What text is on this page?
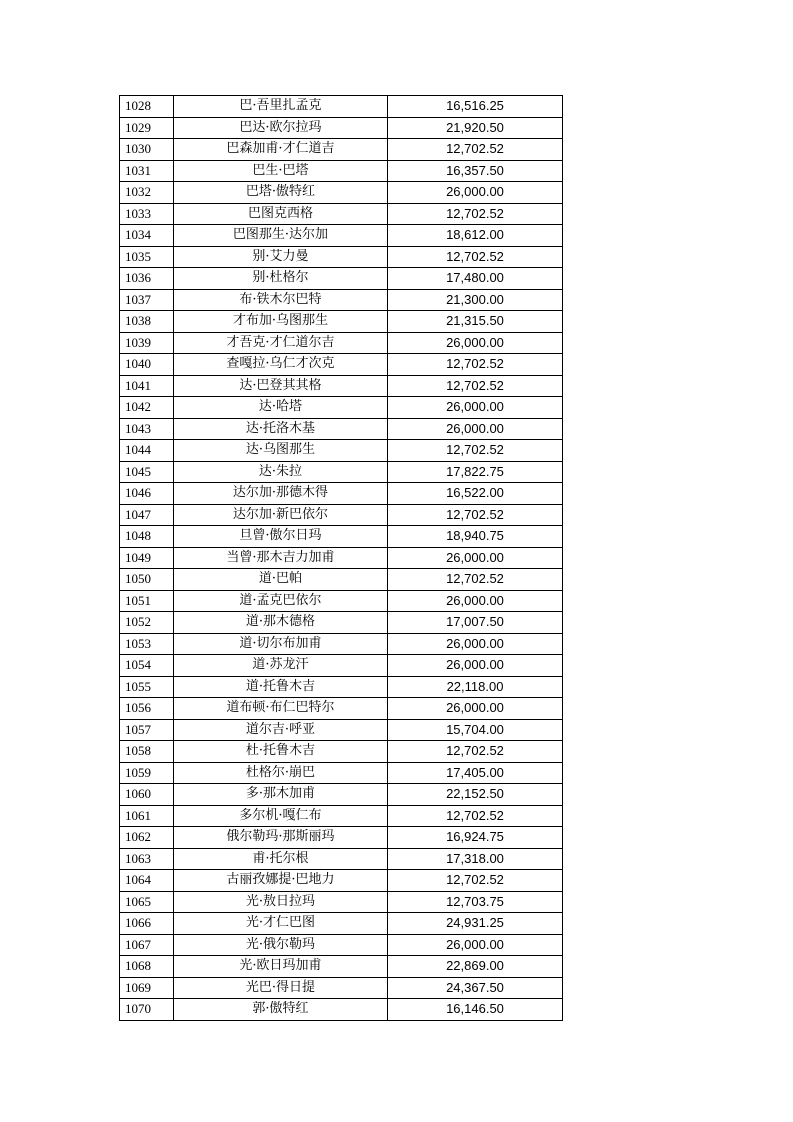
1028	巴·吾里扎孟克	16,516.25
1029	巴达·欧尔拉玛	21,920.50
1030	巴森加甫·才仁道吉	12,702.52
1031	巴生·巴塔	16,357.50
1032	巴塔·傲特红	26,000.00
1033	巴图克西格	12,702.52
1034	巴图那生·达尔加	18,612.00
1035	别·艾力曼	12,702.52
1036	别·杜格尔	17,480.00
1037	布·铁木尔巴特	21,300.00
1038	才布加·乌图那生	21,315.50
1039	才吾克·才仁道尔吉	26,000.00
1040	查嘎拉·乌仁才次克	12,702.52
1041	达·巴登其其格	12,702.52
1042	达·哈塔	26,000.00
1043	达·托洛木基	26,000.00
1044	达·乌图那生	12,702.52
1045	达·朱拉	17,822.75
1046	达尔加·那德木得	16,522.00
1047	达尔加·新巴依尔	12,702.52
1048	旦曾·傲尔日玛	18,940.75
1049	当曾·那木吉力加甫	26,000.00
1050	道·巴帕	12,702.52
1051	道·孟克巴依尔	26,000.00
1052	道·那木德格	17,007.50
1053	道·切尔布加甫	26,000.00
1054	道·苏龙汗	26,000.00
1055	道·托鲁木吉	22,118.00
1056	道布顿·布仁巴特尔	26,000.00
1057	道尔吉·呼亚	15,704.00
1058	杜·托鲁木吉	12,702.52
1059	杜格尔·崩巴	17,405.00
1060	多·那木加甫	22,152.50
1061	多尔机·嘎仁布	12,702.52
1062	俄尔勒玛·那斯丽玛	16,924.75
1063	甫·托尔根	17,318.00
1064	古丽孜娜提·巴地力	12,702.52
1065	光·敖日拉玛	12,703.75
1066	光·才仁巴图	24,931.25
1067	光·俄尔勒玛	26,000.00
1068	光·欧日玛加甫	22,869.00
1069	光巴·得日提	24,367.50
1070	郭·傲特红	16,146.50
